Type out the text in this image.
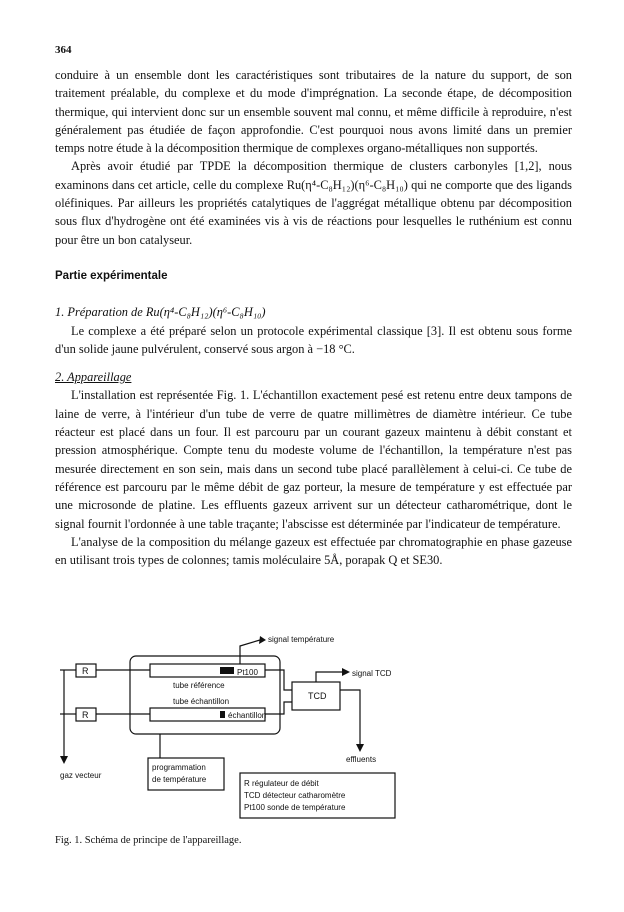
364

conduire à un ensemble dont les caractéristiques sont tributaires de la nature du support, de son traitement préalable, du complexe et du mode d'imprégnation. La seconde étape, de décomposition thermique, qui intervient donc sur un ensemble souvent mal connu, et même difficile à reproduire, n'est généralement pas étudiée de façon approfondie. C'est pourquoi nous avons limité dans un premier temps notre étude à la décomposition thermique de complexes organo-métalliques non supportés.

Après avoir étudié par TPDE la décomposition thermique de clusters carbonyles [1,2], nous examinons dans cet article, celle du complexe Ru(η⁴-C₈H₁₂)(η⁶-C₈H₁₀) qui ne comporte que des ligands oléfiniques. Par ailleurs les propriétés catalytiques de l'aggrégat métallique obtenu par décomposition sous flux d'hydrogène ont été examinées vis à vis de réactions pour lesquelles le ruthénium est connu pour être un bon catalyseur.

Partie expérimentale

1. Préparation de Ru(η⁴-C₈H₁₂)(η⁶-C₈H₁₀)

Le complexe a été préparé selon un protocole expérimental classique [3]. Il est obtenu sous forme d'un solide jaune pulvérulent, conservé sous argon à −18 °C.

2. Appareillage

L'installation est représentée Fig. 1. L'échantillon exactement pesé est retenu entre deux tampons de laine de verre, à l'intérieur d'un tube de verre de quatre millimètres de diamètre intérieur. Ce tube réacteur est placé dans un four. Il est parcouru par un courant gazeux maintenu à débit constant et pression atmosphérique. Compte tenu du modeste volume de l'échantillon, la température n'est pas mesurée directement en son sein, mais dans un second tube placé parallèlement à celui-ci. Ce tube de référence est parcouru par le même débit de gaz porteur, la mesure de température y est effectuée par une microsonde de platine. Les effluents gazeux arrivent sur un détecteur catharométrique, dont le signal fournit l'ordonnée à une table traçante; l'abscisse est déterminée par l'indicateur de température.

L'analyse de la composition du mélange gazeux est effectuée par chromatographie en phase gazeuse en utilisant trois types de colonnes; tamis moléculaire 5Å, porapak Q et SE30.

signal température
signal TCD
Pt100
tube référence
tube échantillon
échantillon
TCD
R
R
gaz vecteur
effluents
programmation
de température	R régulateur de débit
TCD détecteur catharomètre
Pt100 sonde de température
Fig. 1. Schéma de principe de l'appareillage.
